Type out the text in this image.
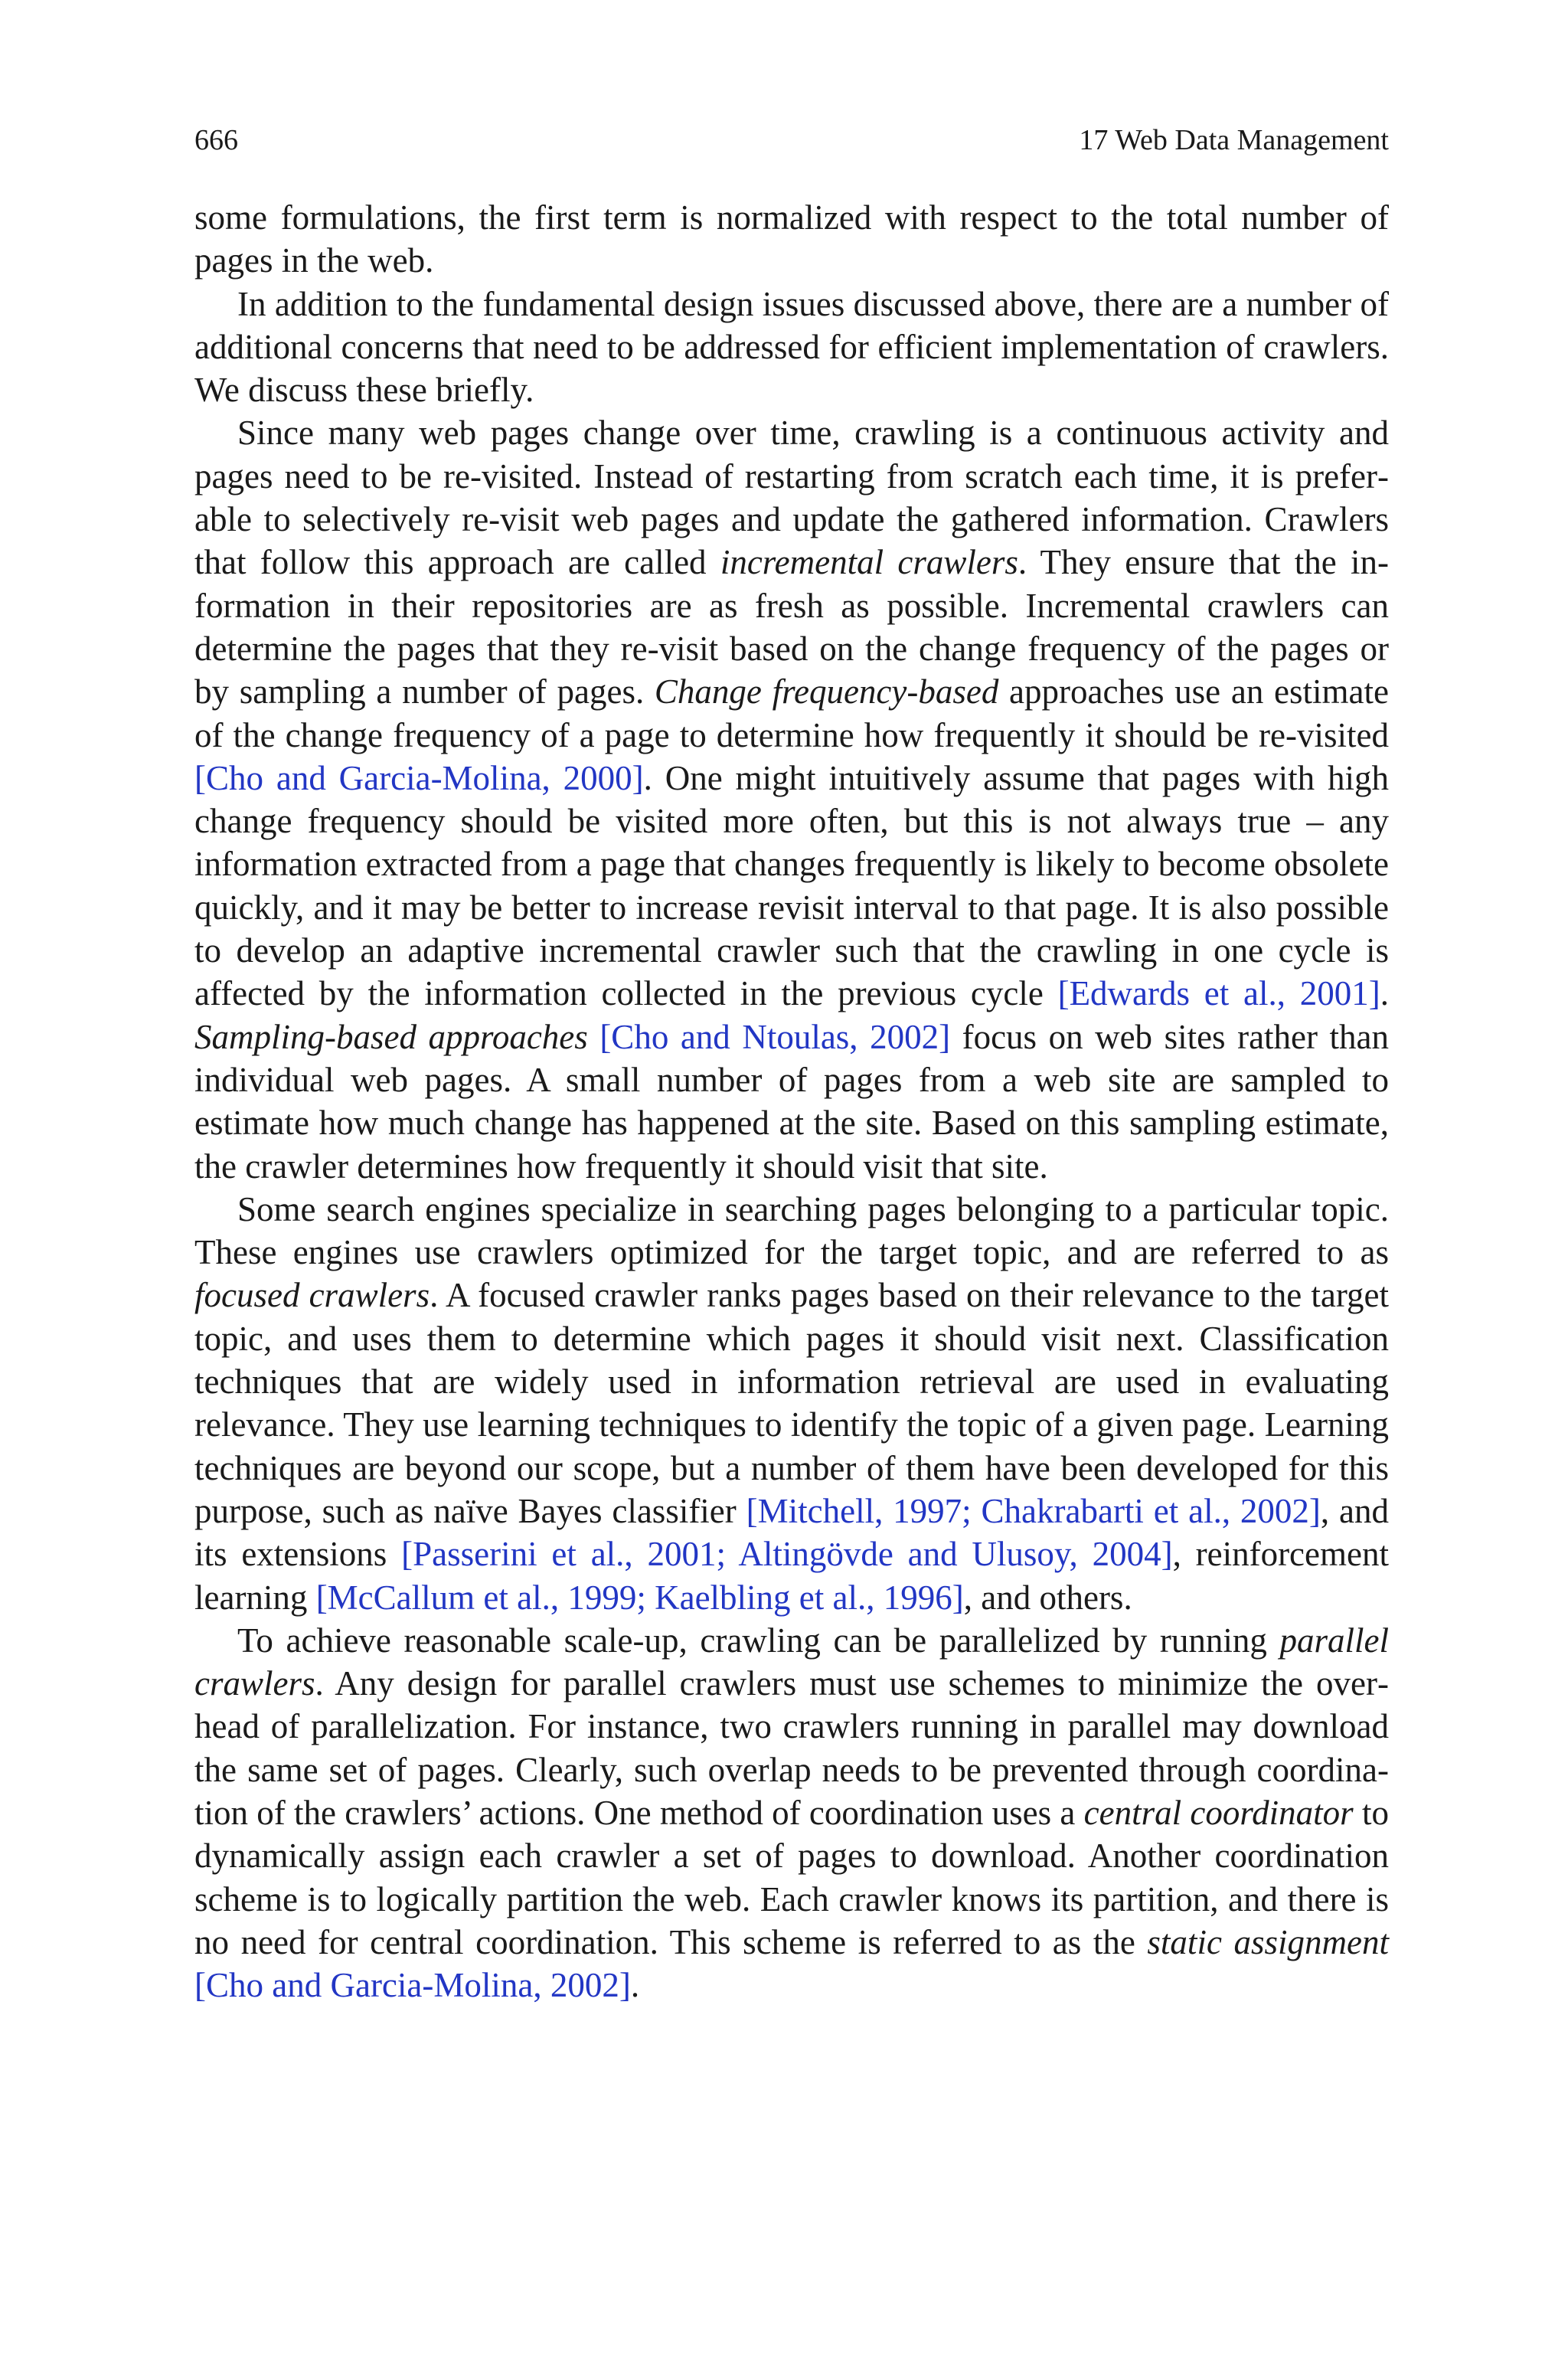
666	17 Web Data Management

some formulations, the first term is normalized with respect to the total number of pages in the web.

In addition to the fundamental design issues discussed above, there are a number of additional concerns that need to be addressed for efficient implementation of crawlers. We discuss these briefly.

Since many web pages change over time, crawling is a continuous activity and pages need to be re-visited. Instead of restarting from scratch each time, it is preferable to selectively re-visit web pages and update the gathered information. Crawlers that follow this approach are called incremental crawlers. They ensure that the information in their repositories are as fresh as possible. Incremental crawlers can determine the pages that they re-visit based on the change frequency of the pages or by sampling a number of pages. Change frequency-based approaches use an estimate of the change frequency of a page to determine how frequently it should be re-visited [Cho and Garcia-Molina, 2000]. One might intuitively assume that pages with high change frequency should be visited more often, but this is not always true – any information extracted from a page that changes frequently is likely to become obsolete quickly, and it may be better to increase revisit interval to that page. It is also possible to develop an adaptive incremental crawler such that the crawling in one cycle is affected by the information collected in the previous cycle [Edwards et al., 2001]. Sampling-based approaches [Cho and Ntoulas, 2002] focus on web sites rather than individual web pages. A small number of pages from a web site are sampled to estimate how much change has happened at the site. Based on this sampling estimate, the crawler determines how frequently it should visit that site.

Some search engines specialize in searching pages belonging to a particular topic. These engines use crawlers optimized for the target topic, and are referred to as focused crawlers. A focused crawler ranks pages based on their relevance to the target topic, and uses them to determine which pages it should visit next. Classification techniques that are widely used in information retrieval are used in evaluating relevance. They use learning techniques to identify the topic of a given page. Learning techniques are beyond our scope, but a number of them have been developed for this purpose, such as naïve Bayes classifier [Mitchell, 1997; Chakrabarti et al., 2002], and its extensions [Passerini et al., 2001; Altingövde and Ulusoy, 2004], reinforcement learning [McCallum et al., 1999; Kaelbling et al., 1996], and others.

To achieve reasonable scale-up, crawling can be parallelized by running parallel crawlers. Any design for parallel crawlers must use schemes to minimize the overhead of parallelization. For instance, two crawlers running in parallel may download the same set of pages. Clearly, such overlap needs to be prevented through coordination of the crawlers’ actions. One method of coordination uses a central coordinator to dynamically assign each crawler a set of pages to download. Another coordination scheme is to logically partition the web. Each crawler knows its partition, and there is no need for central coordination. This scheme is referred to as the static assignment [Cho and Garcia-Molina, 2002].
